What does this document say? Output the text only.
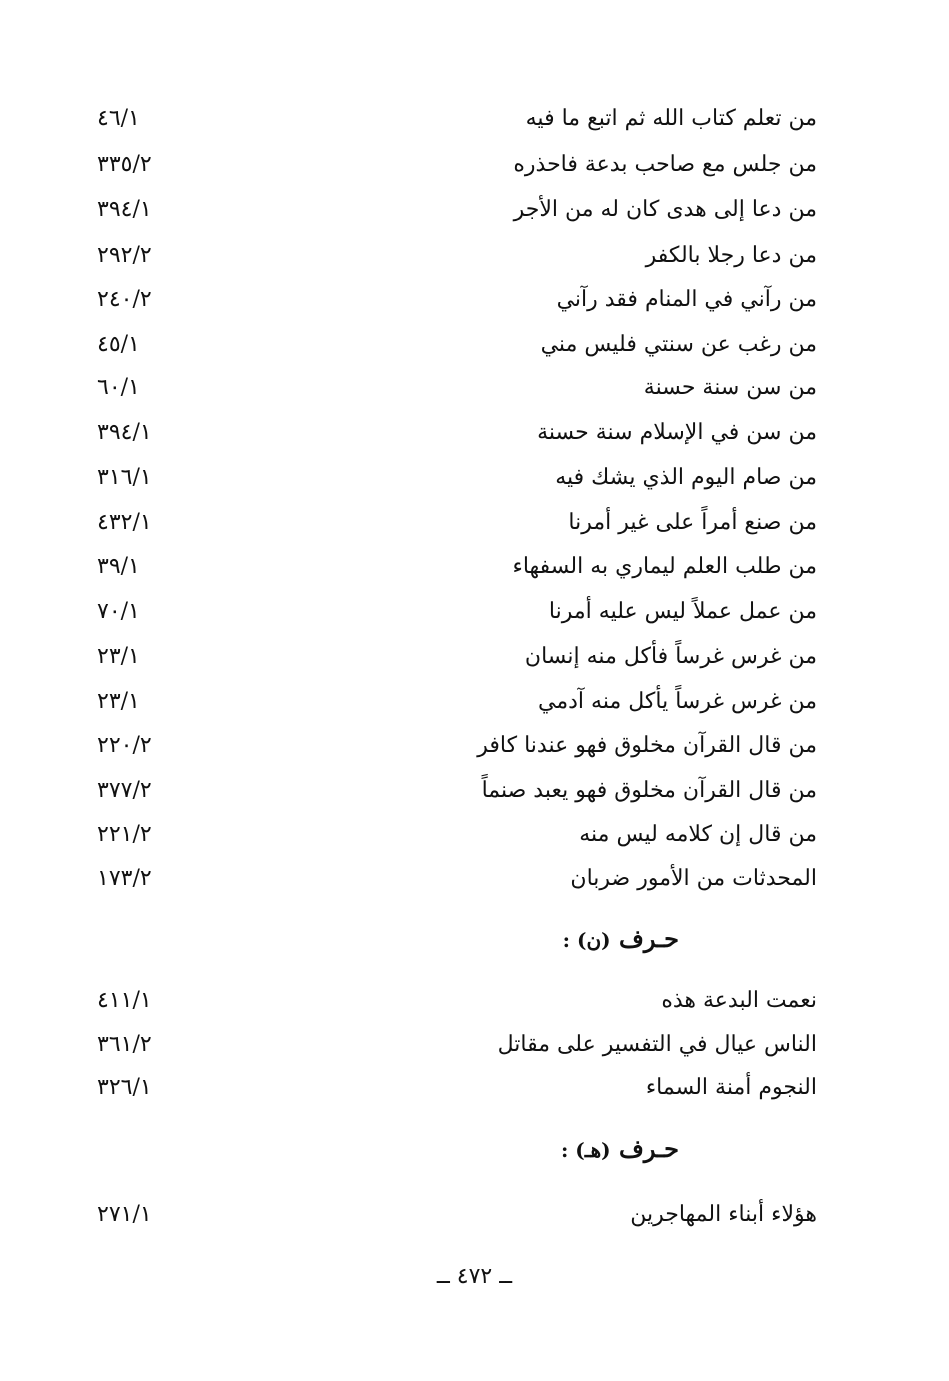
من تعلم كتاب الله ثم اتبع ما فيه
٤٦/١
من جلس مع صاحب بدعة فاحذره
٣٣٥/٢
من دعا إلى هدى كان له من الأجر
٣٩٤/١
من دعا رجلا بالكفر
٢٩٢/٢
من رآني في المنام فقد رآني
٢٤٠/٢
من رغب عن سنتي فليس مني
٤٥/١
من سن سنة حسنة
٦٠/١
من سن في الإسلام سنة حسنة
٣٩٤/١
من صام اليوم الذي يشك فيه
٣١٦/١
من صنع أمراً على غير أمرنا
٤٣٢/١
من طلب العلم ليماري به السفهاء
٣٩/١
من عمل عملاً ليس عليه أمرنا
٧٠/١
من غرس غرساً فأكل منه إنسان
٢٣/١
من غرس غرساً يأكل منه آدمي
٢٣/١
من قال القرآن مخلوق فهو عندنا كافر
٢٢٠/٢
من قال القرآن مخلوق فهو يعبد صنماً
٣٧٧/٢
من قال إن كلامه ليس منه
٢٢١/٢
المحدثات من الأمور ضربان
١٧٣/٢
حـرف (ن) :
نعمت البدعة هذه
٤١١/١
الناس عيال في التفسير على مقاتل
٣٦١/٢
النجوم أمنة السماء
٣٢٦/١
حـرف (هـ) :
هؤلاء أبناء المهاجرين
٢٧١/١
ــ ٤٧٢ ــ
